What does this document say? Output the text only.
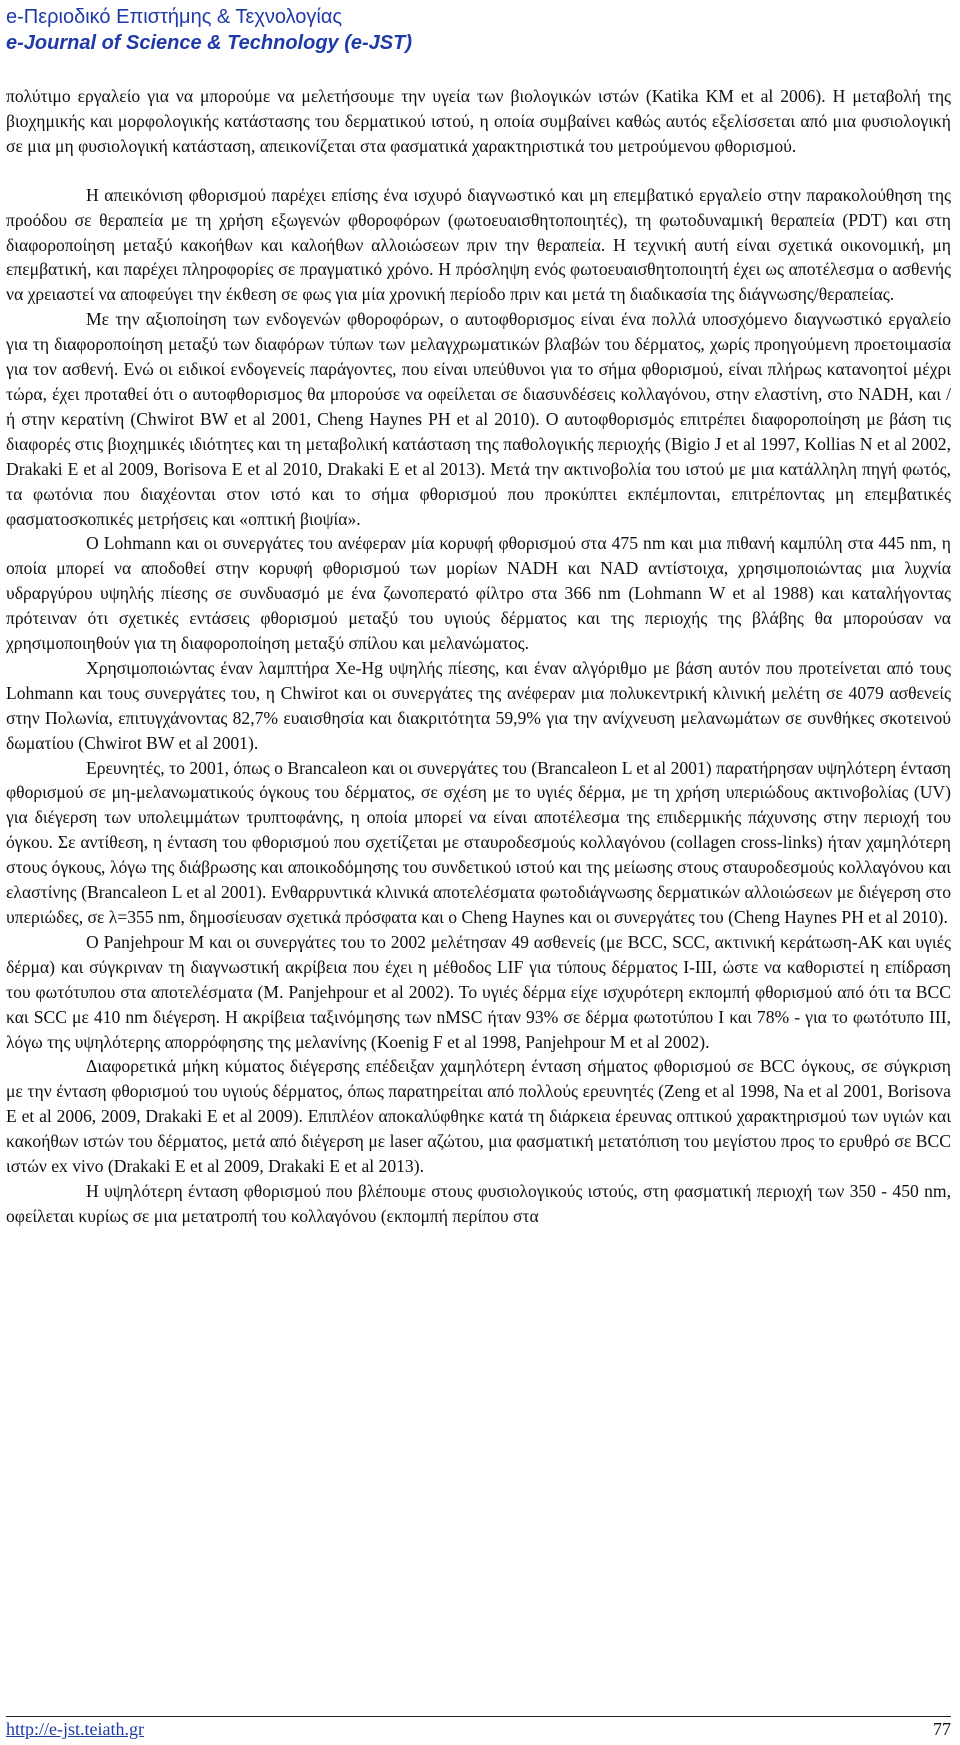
e-Περιοδικό Επιστήμης & Τεχνολογίας
e-Journal of Science & Technology (e-JST)

πολύτιμο εργαλείο για να μπορούμε να μελετήσουμε την υγεία των βιολογικών ιστών (Katika KM et al 2006). Η μεταβολή της βιοχημικής και μορφολογικής κατάστασης του δερματικού ιστού, η οποία συμβαίνει καθώς αυτός εξελίσσεται από μια φυσιολογική σε μια μη φυσιολογική κατάσταση, απεικονίζεται στα φασματικά χαρακτηριστικά του μετρούμενου φθορισμού.

Η απεικόνιση φθορισμού παρέχει επίσης ένα ισχυρό διαγνωστικό και μη επεμβατικό εργαλείο στην παρακολούθηση της προόδου σε θεραπεία με τη χρήση εξωγενών φθοροφόρων (φωτοευαισθητοποιητές), τη φωτοδυναμική θεραπεία (PDT) και στη διαφοροποίηση μεταξύ κακοήθων και καλοήθων αλλοιώσεων πριν την θεραπεία. Η τεχνική αυτή είναι σχετικά οικονομική, μη επεμβατική, και παρέχει πληροφορίες σε πραγματικό χρόνο. Η πρόσληψη ενός φωτοευαισθητοποιητή έχει ως αποτέλεσμα ο ασθενής να χρειαστεί να αποφεύγει την έκθεση σε φως για μία χρονική περίοδο πριν και μετά τη διαδικασία της διάγνωσης/θεραπείας.

Με την αξιοποίηση των ενδογενών φθοροφόρων, ο αυτοφθορισμος είναι ένα πολλά υποσχόμενο διαγνωστικό εργαλείο για τη διαφοροποίηση μεταξύ των διαφόρων τύπων των μελαγχρωματικών βλαβών του δέρματος, χωρίς προηγούμενη προετοιμασία για τον ασθενή. Ενώ οι ειδικοί ενδογενείς παράγοντες, που είναι υπεύθυνοι για το σήμα φθορισμού, είναι πλήρως κατανοητοί μέχρι τώρα, έχει προταθεί ότι ο αυτοφθορισμος θα μπορούσε να οφείλεται σε διασυνδέσεις κολλαγόνου, στην ελαστίνη, στο NADH, και / ή στην κερατίνη (Chwirot BW et al 2001, Cheng Haynes PH et al 2010). Ο αυτοφθορισμός επιτρέπει διαφοροποίηση με βάση τις διαφορές στις βιοχημικές ιδιότητες και τη μεταβολική κατάσταση της παθολογικής περιοχής (Bigio J et al 1997, Kollias N et al 2002, Drakaki E et al 2009, Borisova E et al 2010, Drakaki E et al 2013). Μετά την ακτινοβολία του ιστού με μια κατάλληλη πηγή φωτός, τα φωτόνια που διαχέονται στον ιστό και το σήμα φθορισμού που προκύπτει εκπέμπονται, επιτρέποντας μη επεμβατικές φασματοσκοπικές μετρήσεις και «οπτική βιοψία».

O Lohmann και οι συνεργάτες του ανέφεραν μία κορυφή φθορισμού στα 475 nm και μια πιθανή καμπύλη στα 445 nm, η οποία μπορεί να αποδοθεί στην κορυφή φθορισμού των μορίων NADH και NAD αντίστοιχα, χρησιμοποιώντας μια λυχνία υδραργύρου υψηλής πίεσης σε συνδυασμό με ένα ζωνοπερατό φίλτρο στα 366 nm (Lohmann W et al 1988) και καταλήγοντας πρότειναν ότι σχετικές εντάσεις φθορισμού μεταξύ του υγιούς δέρματος και της περιοχής της βλάβης θα μπορούσαν να χρησιμοποιηθούν για τη διαφοροποίηση μεταξύ σπίλου και μελανώματος.

Χρησιμοποιώντας έναν λαμπτήρα Xe-Hg υψηλής πίεσης, και έναν αλγόριθμο με βάση αυτόν που προτείνεται από τους Lohmann και τους συνεργάτες του, η Chwirot και οι συνεργάτες της ανέφεραν μια πολυκεντρική κλινική μελέτη σε 4079 ασθενείς στην Πολωνία, επιτυγχάνοντας 82,7% ευαισθησία και διακριτότητα 59,9% για την ανίχνευση μελανωμάτων σε συνθήκες σκοτεινού δωματίου (Chwirot BW et al 2001).

Ερευνητές, το 2001, όπως ο Brancaleon και οι συνεργάτες του (Brancaleon L et al 2001) παρατήρησαν υψηλότερη ένταση φθορισμού σε μη-μελανωματικούς όγκους του δέρματος, σε σχέση με το υγιές δέρμα, με τη χρήση υπεριώδους ακτινοβολίας (UV) για διέγερση των υπολειμμάτων τρυπτοφάνης, η οποία μπορεί να είναι αποτέλεσμα της επιδερμικής πάχυνσης στην περιοχή του όγκου. Σε αντίθεση, η ένταση του φθορισμού που σχετίζεται με σταυροδεσμούς κολλαγόνου (collagen cross-links) ήταν χαμηλότερη στους όγκους, λόγω της διάβρωσης και αποικοδόμησης του συνδετικού ιστού και της μείωσης στους σταυροδεσμούς κολλαγόνου και ελαστίνης (Brancaleon L et al 2001). Ενθαρρυντικά κλινικά αποτελέσματα φωτοδιάγνωσης δερματικών αλλοιώσεων με διέγερση στο υπεριώδες, σε λ=355 nm, δημοσίευσαν σχετικά πρόσφατα και ο Cheng Haynes και οι συνεργάτες του (Cheng Haynes PH et al 2010).

Ο Panjehpour M και οι συνεργάτες του το 2002 μελέτησαν 49 ασθενείς (με BCC, SCC, ακτινική κεράτωση-AK και υγιές δέρμα) και σύγκριναν τη διαγνωστική ακρίβεια που έχει η μέθοδος LIF για τύπους δέρματος I-III, ώστε να καθοριστεί η επίδραση του φωτότυπου στα αποτελέσματα (M. Panjehpour et al 2002). Το υγιές δέρμα είχε ισχυρότερη εκπομπή φθορισμού από ότι τα BCC και SCC με 410 nm διέγερση. Η ακρίβεια ταξινόμησης των nMSC ήταν 93% σε δέρμα φωτοτύπου I και 78% - για το φωτότυπο III, λόγω της υψηλότερης απορρόφησης της μελανίνης (Koenig F et al 1998, Panjehpour M et al 2002).

Διαφορετικά μήκη κύματος διέγερσης επέδειξαν χαμηλότερη ένταση σήματος φθορισμού σε BCC όγκους, σε σύγκριση με την ένταση φθορισμού του υγιούς δέρματος, όπως παρατηρείται από πολλούς ερευνητές (Zeng et al 1998, Na et al 2001, Borisova E et al 2006, 2009, Drakaki E et al 2009). Επιπλέον αποκαλύφθηκε κατά τη διάρκεια έρευνας οπτικού χαρακτηρισμού των υγιών και κακοήθων ιστών του δέρματος, μετά από διέγερση με laser αζώτου, μια φασματική μετατόπιση του μεγίστου προς το ερυθρό σε BCC ιστών ex vivo (Drakaki E et al 2009, Drakaki E et al 2013).

Η υψηλότερη ένταση φθορισμού που βλέπουμε στους φυσιολογικούς ιστούς, στη φασματική περιοχή των 350 - 450 nm, οφείλεται κυρίως σε μια μετατροπή του κολλαγόνου (εκπομπή περίπου στα

http://e-jst.teiath.gr	77
